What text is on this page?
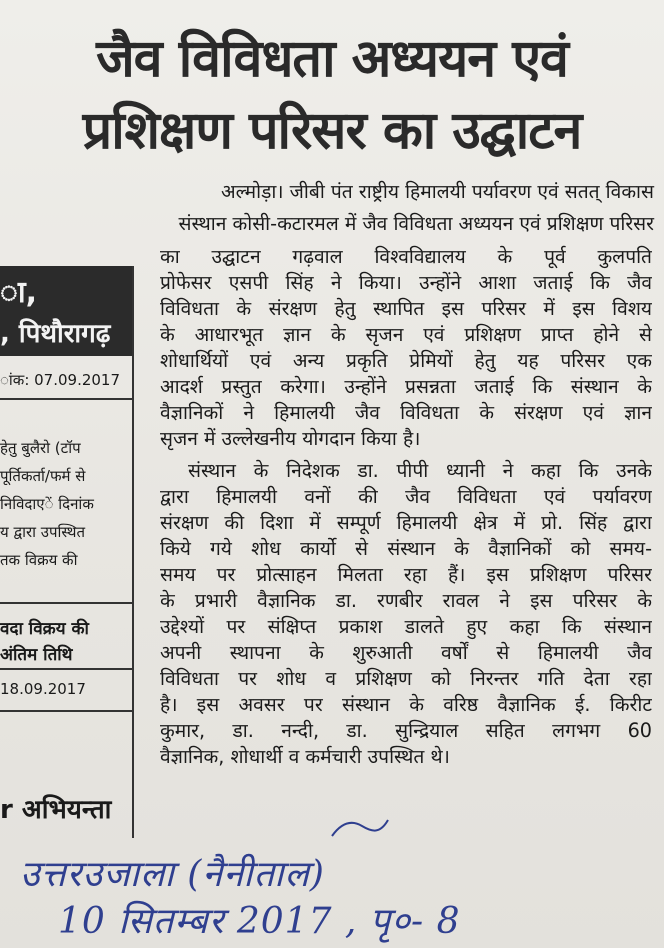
जैव विविधता अध्ययन एवं
प्रशिक्षण परिसर का उद्घाटन
अल्मोड़ा। जीबी पंत राष्ट्रीय हिमालयी पर्यावरण एवं सतत् विकास
संस्थान कोसी-कटारमल में जैव विविधता अध्ययन एवं प्रशिक्षण परिसर
का उद्घाटन गढ़वाल विश्वविद्यालय के पूर्व कुलपति
प्रोफेसर एसपी सिंह ने किया। उन्होंने आशा जताई कि जैव
विविधता के संरक्षण हेतु स्थापित इस परिसर में इस विशय
के आधारभूत ज्ञान के सृजन एवं प्रशिक्षण प्राप्त होने से
शोधार्थियों एवं अन्य प्रकृति प्रेमियों हेतु यह परिसर एक
आदर्श प्रस्तुत करेगा। उन्होंने प्रसन्नता जताई कि संस्थान के
वैज्ञानिकों ने हिमालयी जैव विविधता के संरक्षण एवं ज्ञान
सृजन में उल्लेखनीय योगदान किया है।
संस्थान के निदेशक डा. पीपी ध्यानी ने कहा कि उनके
द्वारा हिमालयी वनों की जैव विविधता एवं पर्यावरण
संरक्षण की दिशा में सम्पूर्ण हिमालयी क्षेत्र में प्रो. सिंह द्वारा
किये गये शोध कार्यो से संस्थान के वैज्ञानिकों को समय-
समय पर प्रोत्साहन मिलता रहा हैं। इस प्रशिक्षण परिसर
के प्रभारी वैज्ञानिक डा. रणबीर रावल ने इस परिसर के
उद्देश्यों पर संक्षिप्त प्रकाश डालते हुए कहा कि संस्थान
अपनी स्थापना के शुरुआती वर्षों से हिमालयी जैव
विविधता पर शोध व प्रशिक्षण को निरन्तर गति देता रहा
है। इस अवसर पर संस्थान के वरिष्ठ वैज्ञानिक ई. किरीट
कुमार, डा. नन्दी, डा. सुन्द्रियाल सहित लगभग 60
वैज्ञानिक, शोधार्थी व कर्मचारी उपस्थित थे।
ा,
, पिथौरागढ़
ांक: 07.09.2017
हेतु बुलैरो (टॉप
पूर्तिकर्ता/फर्म से
निविदाएें दिनांक
य द्वारा उपस्थित
तक विक्रय की
वदा विक्रय की
अंतिम तिथि
18.09.2017
r अभियन्ता
उत्तरउजाला (नैनीताल)
10 सितम्बर 2017 , पृ०- 8
